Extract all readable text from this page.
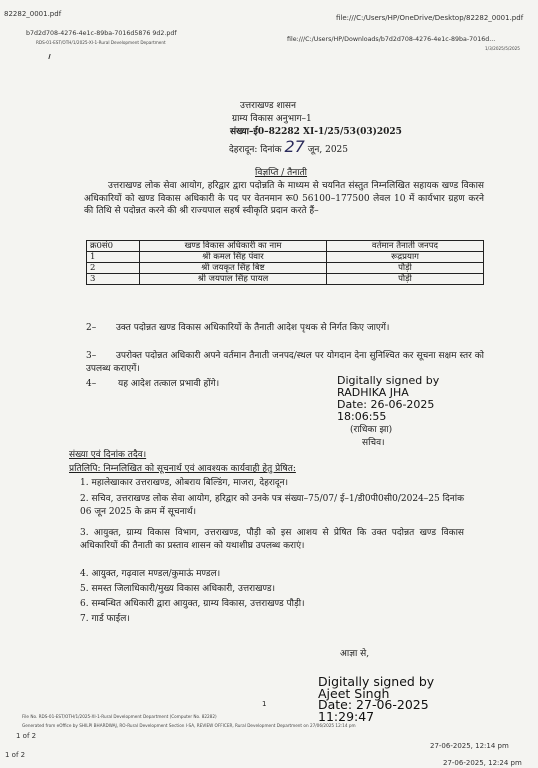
82282_0001.pdf	file:///C:/Users/HP/OneDrive/Desktop/82282_0001.pdf
b7d2d708-4276-4e1c-89ba-7016d5876 9d2.pdf
RDS-01-EST/OTH/1/2025-XI-1-Rural Development Department	file:///C:/Users/HP/Downloads/b7d2d708-4276-4e1c-89ba-7016d...
1/3/2025/5/2025
उत्तराखण्ड शासन
ग्राम्य विकास अनुभाग–1
संख्या–ई0–82282 XI-1/25/53(03)2025
देहरादून: दिनांक 27 जून, 2025
विज्ञप्ति / तैनाती
उत्तराखण्ड लोक सेवा आयोग, हरिद्वार द्वारा पदोन्नति के माध्यम से चयनित संस्तुत निम्नलिखित सहायक खण्ड विकास अधिकारियों को खण्ड विकास अधिकारी के पद पर वेतनमान रू0 56100–177500 लेवल 10 में कार्यभार ग्रहण करने की तिथि से पदोन्नत करने की श्री राज्यपाल सहर्ष स्वीकृति प्रदान करते हैं–
क्र0सं0	खण्ड विकास अधिकारी का नाम	वर्तमान तैनाती जनपद
1	श्री कमल सिंह पंवार	रूद्रप्रयाग
2	श्री जयकृत सिंह बिष्ट	पौड़ी
3	श्री जयपाल सिंह पायल	पौड़ी
2–	उक्त पदोन्नत खण्ड विकास अधिकारियों के तैनाती आदेश पृथक से निर्गत किए जाएगें।
3–	उपरोक्त पदोन्नत अधिकारी अपने वर्तमान तैनाती जनपद/स्थल पर योगदान देना सुनिश्चित कर सूचना सक्षम स्तर को उपलब्ध कराएगें।
4– यह आदेश तत्काल प्रभावी होंगे।	Digitally signed by
RADHIKA JHA
Date: 26-06-2025
18:06:55
(राधिका झा)
सचिव।
संख्या एवं दिनांक तदैव।
प्रतिलिपि: निम्नलिखित को सूचनार्थ एवं आवश्यक कार्यवाही हेतु प्रेषित:
1. महालेखाकार उत्तराखण्ड, ओबराय बिल्डिंग, माजरा, देहरादून।
2. सचिव, उत्तराखण्ड लोक सेवा आयोग, हरिद्वार को उनके पत्र संख्या–75/07/ ई–1/डी0पी0सी0/2024–25 दिनांक 06 जून 2025 के क्रम में सूचनार्थ।
3. आयुक्त, ग्राम्य विकास विभाग, उत्तराखण्ड, पौड़ी को इस आशय से प्रेषित कि उक्त पदोन्नत खण्ड विकास अधिकारियों की तैनाती का प्रस्ताव शासन को यथाशीघ्र उपलब्ध कराएं।
4. आयुक्त, गढ़वाल मण्डल/कुमाऊं मण्डल।
5. समस्त जिलाधिकारी/मुख्य विकास अधिकारी, उत्तराखण्ड।
6. सम्बन्धित अधिकारी द्वारा आयुक्त, ग्राम्य विकास, उत्तराखण्ड पौड़ी।
7. गार्ड फाईल।
आज्ञा से,
Digitally signed by
Ajeet Singh
Date: 27-06-2025
11:29:47
1
File No. RDS-01-EST/OTH/1/2025-XI-1-Rural Development Department (Computer No. 82282)
Generated from eOffice by SHILPI BHARDWAJ, RO-Rural Development Section I-SA, REVIEW OFFICER, Rural Development Department on 27/06/2025 12:14 pm
1 of 2
27-06-2025, 12:14 pm
1 of 2
27-06-2025, 12:24 pm
